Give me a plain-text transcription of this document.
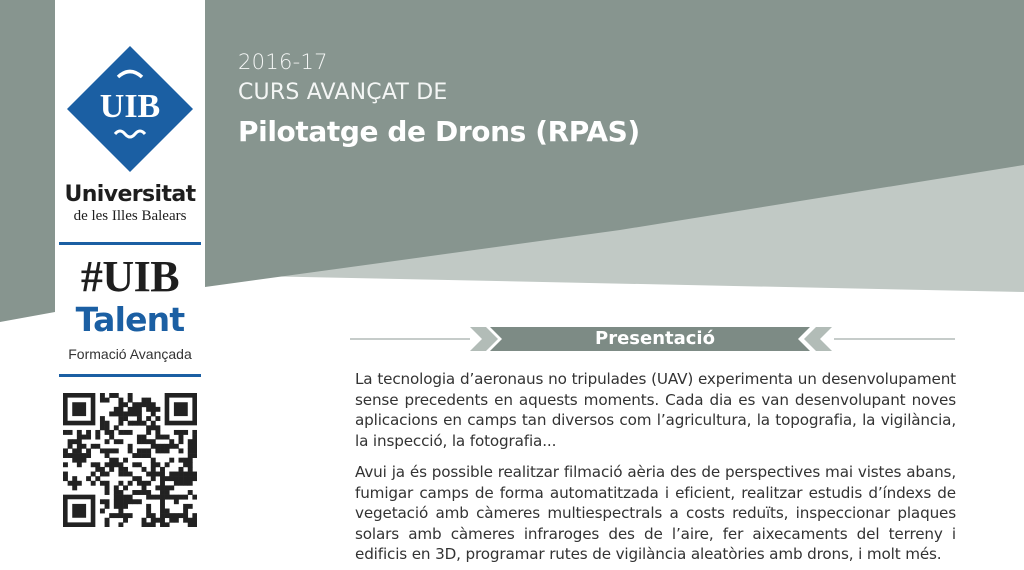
UIB
Universitat
de les Illes Balears
#UIB
Talent
Formació Avançada
2016-17
CURS AVANÇAT DE
Pilotatge de Drons (RPAS)
Presentació
La tecnologia d’aeronaus no tripulades (UAV) experimenta un desenvolupament sense precedents en aquests moments. Cada dia es van desenvolupant noves aplicacions en camps tan diversos com l’agricultura, la topografia, la vigilància, la inspecció, la fotografia...
Avui ja és possible realitzar filmació aèria des de perspectives mai vistes abans, fumigar camps de forma automatitzada i eficient, realitzar estudis d’índexs de vegetació amb càmeres multiespectrals a costs reduïts, inspeccionar plaques solars amb càmeres infraroges des de l’aire, fer aixecaments del terreny i edificis en 3D, programar rutes de vigilància aleatòries amb drons, i molt més.
